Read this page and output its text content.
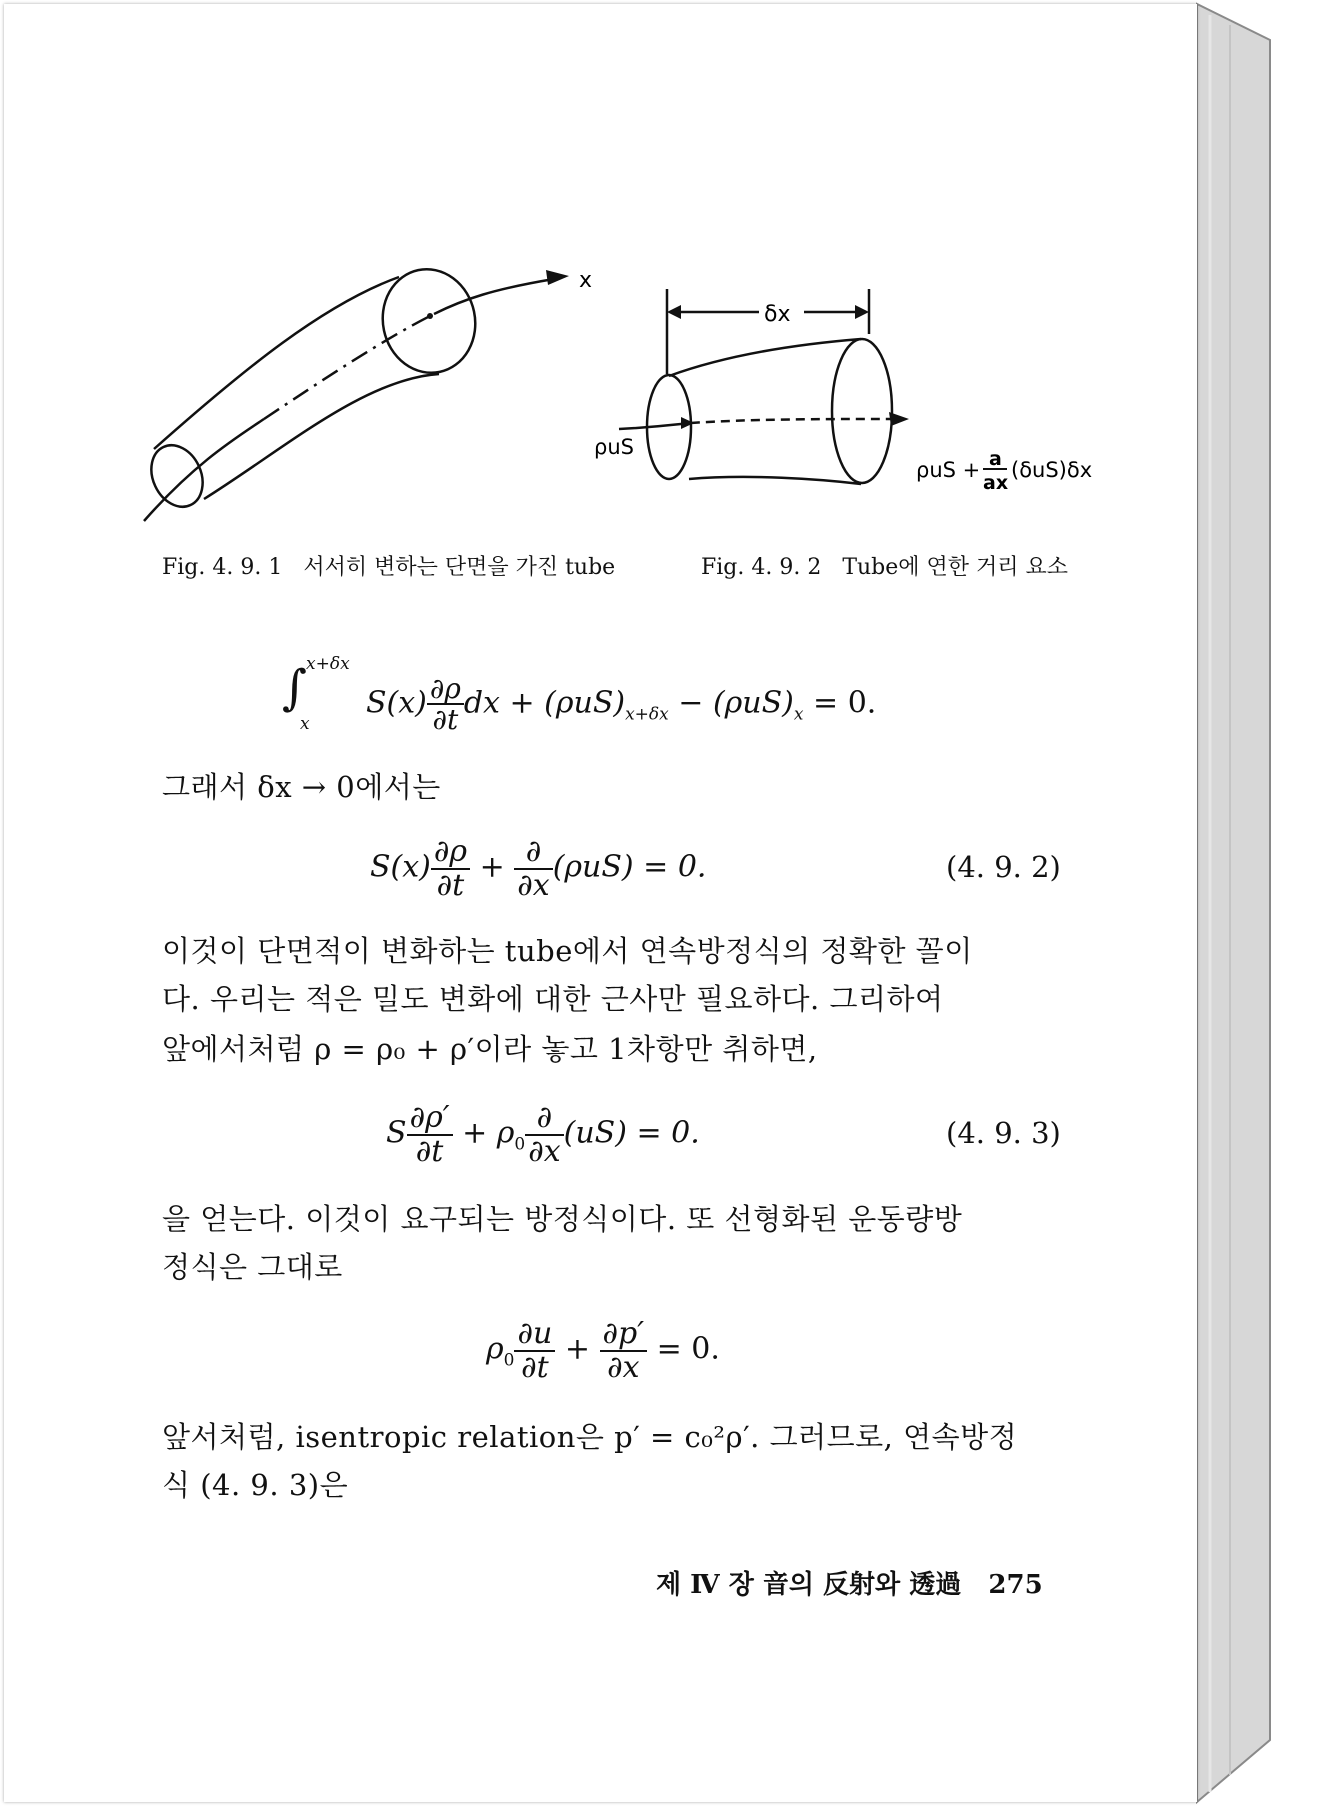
x
δx
ρuS
ρuS + a
ax
(δuS)δx
Fig. 4. 9. 1 서서히 변하는 단면을 가진 tube	Fig. 4. 9. 2 Tube에 연한 거리 요소
∫
x+δx
x
$S(x) \frac{\partial\rho}{\partial t}$ dx + $(\rho uS)_{x+\delta x} - (\rho uS)_x = 0$.
그래서 δx → 0에서는
$S(x) \frac{\partial\rho}{\partial t} + \frac{\partial}{\partial x} (\rho uS) = 0$.	(4. 9. 2)
이것이 단면적이 변화하는 tube에서 연속방정식의 정확한 꼴이
다. 우리는 적은 밀도 변화에 대한 근사만 필요하다. 그리하여
앞에서처럼 ρ = ρ₀ + ρ′이라 놓고 1차항만 취하면,
S $\frac{\partial\rho'}{\partial t} + \rho_0 \frac{\partial}{\partial x} (uS) = 0$.	(4. 9. 3)
을 얻는다. 이것이 요구되는 방정식이다. 또 선형화된 운동량방
정식은 그대로
$\rho_0 \frac{\partial u}{\partial t} + \frac{\partial p'}{\partial x} = 0$.
앞서처럼, isentropic relation은 p′ = c₀²ρ′. 그러므로, 연속방정
식 (4. 9. 3)은
제 Ⅳ 장 音의 反射와 透過 275
